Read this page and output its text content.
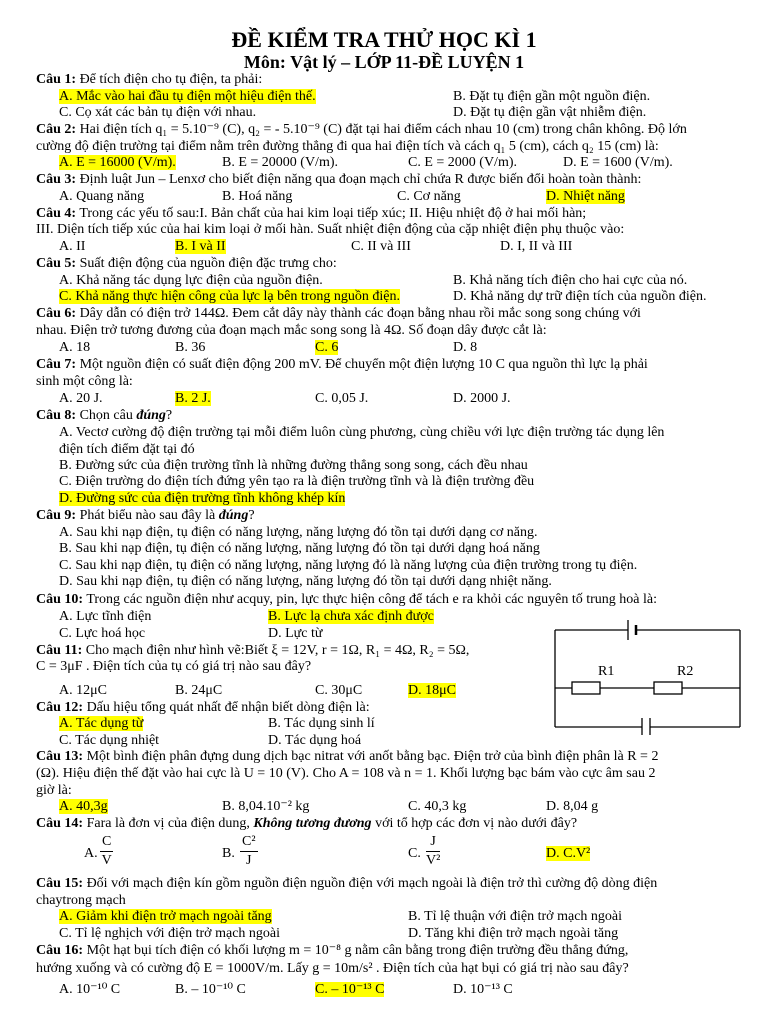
ĐỀ KIỂM TRA THỬ HỌC KÌ 1
Môn: Vật lý – LỚP 11-ĐỀ LUYỆN 1
Câu 1: Để tích điện cho tụ điện, ta phải:
A. Mắc vào hai đầu tụ điện một hiệu điện thế.	B. Đặt tụ điện gần một nguồn điện.
C. Cọ xát các bản tụ điện với nhau.	D. Đặt tụ điện gần vật nhiễm điện.
Câu 2: Hai điện tích q₁ = 5.10⁻⁹ (C), q₂ = - 5.10⁻⁹ (C) đặt tại hai điểm cách nhau 10 (cm) trong chân không. Độ lớn
cường độ điện trường tại điểm nằm trên đường thẳng đi qua hai điện tích và cách q₁ 5 (cm), cách q₂ 15 (cm) là:
A. E = 16000 (V/m).	B. E = 20000 (V/m).	C. E = 2000 (V/m).	D. E = 1600 (V/m).
Câu 3: Định luật Jun – Lenxơ cho biết điện năng qua đoạn mạch chỉ chứa R được biến đổi hoàn toàn thành:
A. Quang năng	B. Hoá năng	C. Cơ năng	D. Nhiệt năng
Câu 4: Trong các yếu tố sau:I. Bản chất của hai kim loại tiếp xúc; II. Hiệu nhiệt độ ở hai mối hàn;
III. Diện tích tiếp xúc của hai kim loại ở mối hàn. Suất nhiệt điện động của cặp nhiệt điện phụ thuộc vào:
A. II	B. I và II	C. II và III	D. I, II và III
Câu 5: Suất điện động của nguồn điện đặc trưng cho:
A. Khả năng tác dụng lực điện của nguồn điện.	B. Khả năng tích điện cho hai cực của nó.
C. Khả năng thực hiện công của lực lạ bên trong nguồn điện.	D. Khả năng dự trữ điện tích của nguồn điện.
Câu 6: Dây dẫn có điện trở 144Ω. Đem cắt dây này thành các đoạn bằng nhau rồi mắc song song chúng với
nhau. Điện trở tương đương của đoạn mạch mắc song song là 4Ω. Số đoạn dây được cắt là:
A. 18	B. 36	C. 6	D. 8
Câu 7: Một nguồn điện có suất điện động 200 mV. Để chuyển một điện lượng 10 C qua nguồn thì lực lạ phải
sinh một công là:
A. 20 J.	B. 2 J.	C. 0,05 J.	D. 2000 J.
Câu 8: Chọn câu đúng?
A. Vectơ cường độ điện trường tại mỗi điểm luôn cùng phương, cùng chiều với lực điện trường tác dụng lên
điện tích điểm đặt tại đó
B. Đường sức của điện trường tĩnh là những đường thẳng song song, cách đều nhau
C. Điện trường do điện tích đứng yên tạo ra là điện trường tĩnh và là điện trường đều
D. Đường sức của điện trường tĩnh không khép kín
Câu 9: Phát biểu nào sau đây là đúng?
A. Sau khi nạp điện, tụ điện có năng lượng, năng lượng đó tồn tại dưới dạng cơ năng.
B. Sau khi nạp điện, tụ điện có năng lượng, năng lượng đó tồn tại dưới dạng hoá năng
C. Sau khi nạp điện, tụ điện có năng lượng, năng lượng đó là năng lượng của điện trường trong tụ điện.
D. Sau khi nạp điện, tụ điện có năng lượng, năng lượng đó tồn tại dưới dạng nhiệt năng.
Câu 10: Trong các nguồn điện như acquy, pin, lực thực hiện công để tách e ra khỏi các nguyên tố trung hoà là:
A. Lực tĩnh điện	B. Lực lạ chưa xác định được
C. Lực hoá học	D. Lực từ
Câu 11: Cho mạch điện như hình vẽ:Biết ξ = 12V, r = 1Ω, R₁ = 4Ω, R₂ = 5Ω,
C = 3μF . Điện tích của tụ có giá trị nào sau đây?
A. 12μC	B. 24μC	C. 30μC	D. 18μC
R1	R2
Câu 12: Dấu hiệu tổng quát nhất để nhận biết dòng điện là:
A. Tác dụng từ	B. Tác dụng sinh lí
C. Tác dụng nhiệt	D. Tác dụng hoá
Câu 13: Một bình điện phân đựng dung dịch bạc nitrat với anốt bằng bạc. Điện trở của bình điện phân là R = 2
(Ω). Hiệu điện thế đặt vào hai cực là U = 10 (V). Cho A = 108 và n = 1. Khối lượng bạc bám vào cực âm sau 2
giờ là:
A. 40,3g	B. 8,04.10⁻² kg	C. 40,3 kg	D. 8,04 g
Câu 14: Fara là đơn vị của điện dung, Không tương đương với tổ hợp các đơn vị nào dưới đây?
A. $\frac{C}{V}$	B. $\frac{\text{C²}}{J}$	C. $\frac{J}{\text{V²}}$	D. C.V²
Câu 15: Đối với mạch điện kín gồm nguồn điện nguồn điện với mạch ngoài là điện trở thì cường độ dòng điện
chaytrong mạch
A. Giảm khi điện trở mạch ngoài tăng	B. Tỉ lệ thuận với điện trở mạch ngoài
C. Tỉ lệ nghịch với điện trở mạch ngoài	D. Tăng khi điện trở mạch ngoài tăng
Câu 16: Một hạt bụi tích điện có khối lượng m = 10⁻⁸ g nằm cân bằng trong điện trường đều thẳng đứng,
hướng xuống và có cường độ E = 1000V/m. Lấy g = 10m/s² . Điện tích của hạt bụi có giá trị nào sau đây?
A. 10⁻¹⁰ C	B. – 10⁻¹⁰ C	C. – 10⁻¹³ C	D. 10⁻¹³ C
